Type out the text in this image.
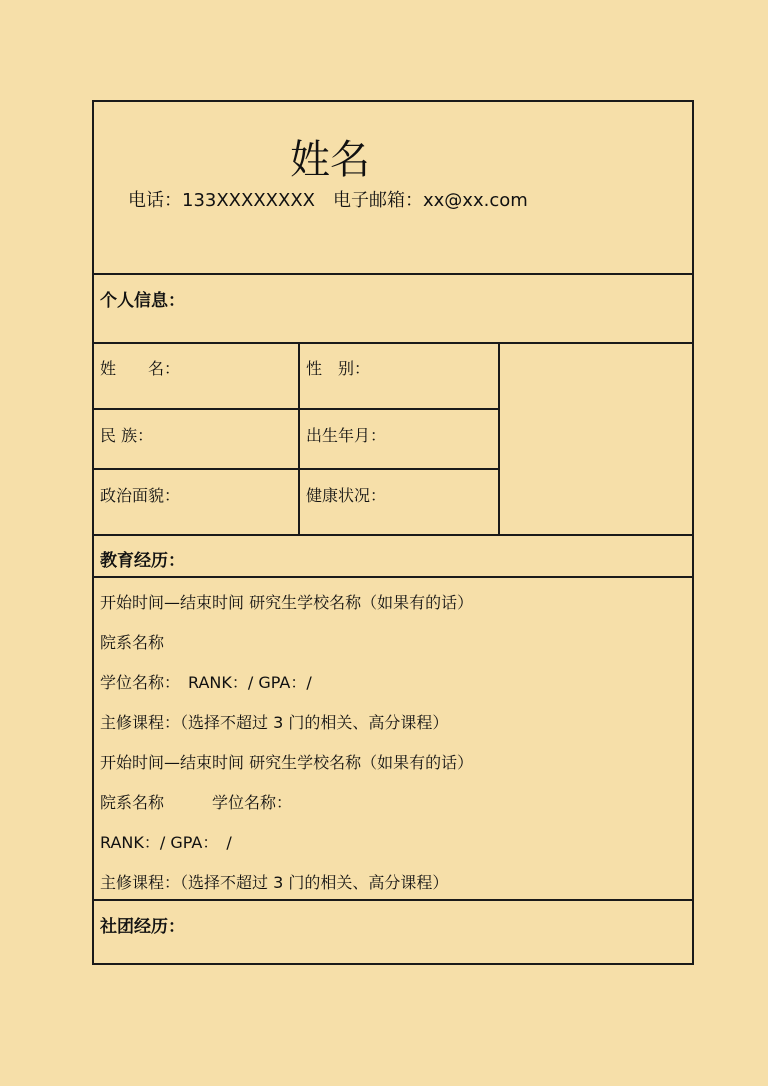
姓名
电话：133XXXXXXXX　电子邮箱：xx@xx.com
个人信息：
姓　　名：	性　别：
民 族：	出生年月：
政治面貌：	健康状况：
教育经历：
开始时间—结束时间 研究生学校名称（如果有的话）
院系名称
学位名称：　RANK：/ GPA：/
主修课程：（选择不超过 3 门的相关、高分课程）
开始时间—结束时间 研究生学校名称（如果有的话）
院系名称　　　学位名称：
RANK：/ GPA：　/
主修课程：（选择不超过 3 门的相关、高分课程）
社团经历：
